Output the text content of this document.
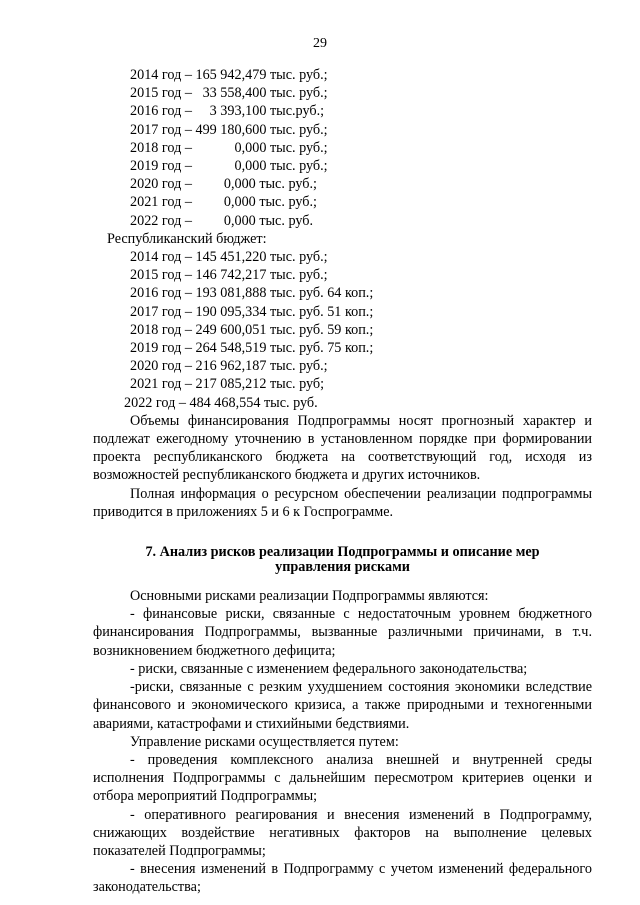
29
2014 год – 165 942,479 тыс. руб.;
2015 год –   33 558,400 тыс. руб.;
2016 год –     3 393,100 тыс.руб.;
2017 год – 499 180,600 тыс. руб.;
2018 год –            0,000 тыс. руб.;
2019 год –            0,000 тыс. руб.;
2020 год –         0,000 тыс. руб.;
2021 год –         0,000 тыс. руб.;
2022 год –         0,000 тыс. руб.
Республиканский бюджет:
2014 год – 145 451,220 тыс. руб.;
2015 год – 146 742,217 тыс. руб.;
2016 год – 193 081,888 тыс. руб. 64 коп.;
2017 год – 190 095,334 тыс. руб. 51 коп.;
2018 год – 249 600,051 тыс. руб. 59 коп.;
2019 год – 264 548,519 тыс. руб. 75 коп.;
2020 год – 216 962,187 тыс. руб.;
2021 год – 217 085,212 тыс. руб;
2022 год – 484 468,554 тыс. руб.

Объемы финансирования Подпрограммы носят прогнозный характер и подлежат ежегодному уточнению в установленном порядке при формировании проекта республиканского бюджета на соответствующий год, исходя из возможностей республиканского бюджета и других источников.

Полная информация о ресурсном обеспечении реализации подпрограммы приводится в приложениях 5 и 6 к Госпрограмме.

7. Анализ рисков реализации Подпрограммы и описание мер управления рисками

Основными рисками реализации Подпрограммы являются:

- финансовые риски, связанные с недостаточным уровнем бюджетного финансирования Подпрограммы, вызванные различными причинами, в т.ч. возникновением бюджетного дефицита;

- риски, связанные с изменением федерального законодательства;

-риски, связанные с резким ухудшением состояния экономики вследствие финансового и экономического кризиса, а также природными и техногенными авариями, катастрофами и стихийными бедствиями.

Управление рисками осуществляется путем:

- проведения комплексного анализа внешней и внутренней среды исполнения Подпрограммы с дальнейшим пересмотром критериев оценки и отбора мероприятий Подпрограммы;

- оперативного реагирования и внесения изменений в Подпрограмму, снижающих воздействие негативных факторов на выполнение целевых показателей Подпрограммы;

- внесения изменений в Подпрограмму с учетом изменений федерального законодательства;
